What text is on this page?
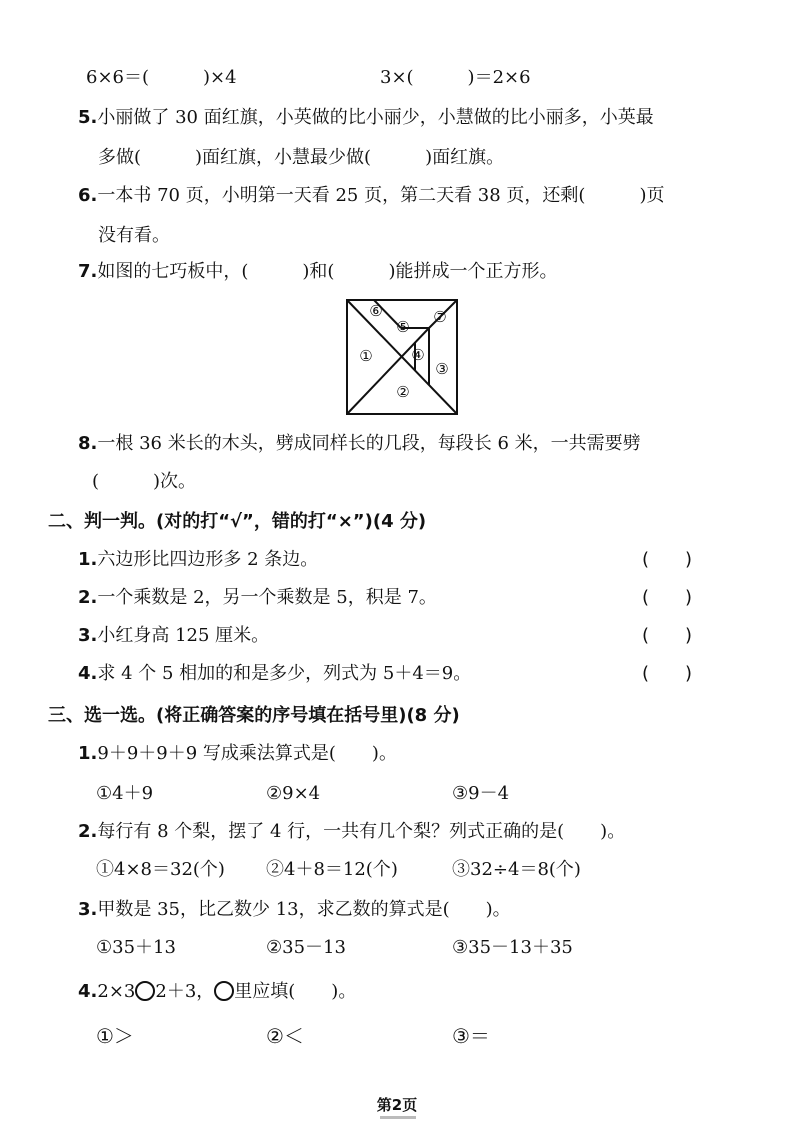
6×6＝(　　　)×4	3×(　　　)＝2×6
5.小丽做了 30 面红旗，小英做的比小丽少，小慧做的比小丽多，小英最
多做(　　　)面红旗，小慧最少做(　　　)面红旗。
6.一本书 70 页，小明第一天看 25 页，第二天看 38 页，还剩(　　　)页
没有看。
7.如图的七巧板中，(　　　)和(　　　)能拼成一个正方形。
①
②
③
④
⑤
⑥	⑦
8.一根 36 米长的木头，劈成同样长的几段，每段长 6 米，一共需要劈
(　　　)次。
二、判一判。(对的打“√”，错的打“×”)(4 分)
1.六边形比四边形多 2 条边。	(　　)
2.一个乘数是 2，另一个乘数是 5，积是 7。	(　　)
3.小红身高 125 厘米。	(　　)
4.求 4 个 5 相加的和是多少，列式为 5＋4＝9。	(　　)
三、选一选。(将正确答案的序号填在括号里)(8 分)
1.9＋9＋9＋9 写成乘法算式是(　　)。
①4＋9	②9×4	③9－4
2.每行有 8 个梨，摆了 4 行，一共有几个梨？列式正确的是(　　)。
①4×8＝32(个) ②4＋8＝12(个)	③32÷4＝8(个)
3.甲数是 35，比乙数少 13，求乙数的算式是(　　)。
①35＋13	②35－13	③35－13＋35
4.2×3 2＋3， 里应填(　　)。
①＞	②＜	③＝
第2页
